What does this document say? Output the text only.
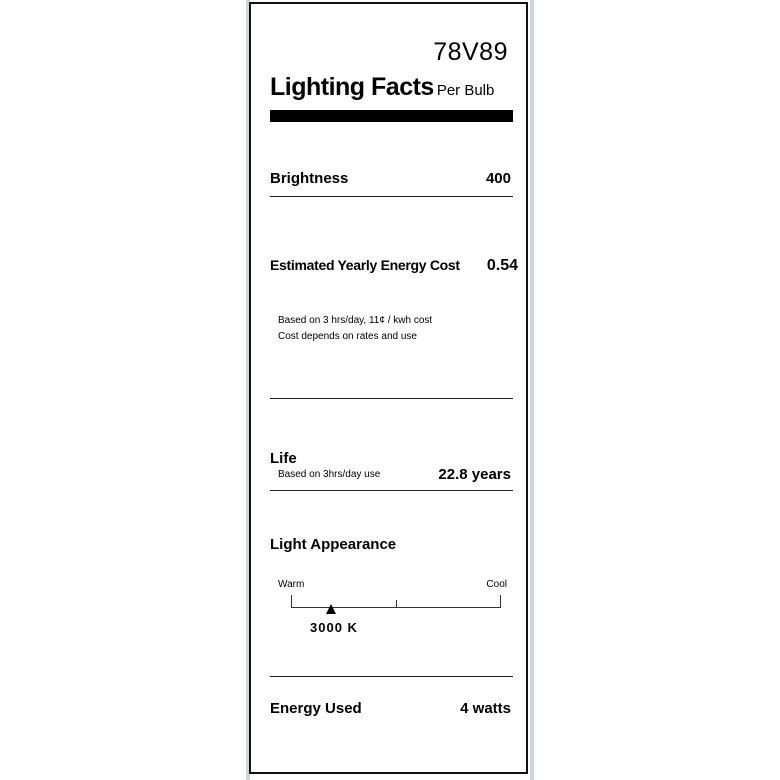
78V89
Lighting Facts Per Bulb
Brightness	400
Estimated Yearly Energy Cost 0.54
Based on 3 hrs/day, 11¢ / kwh cost
Cost depends on rates and use
Life
Based on 3hrs/day use	22.8 years
Light Appearance
Warm	Cool
3000 K
Energy Used	4 watts
